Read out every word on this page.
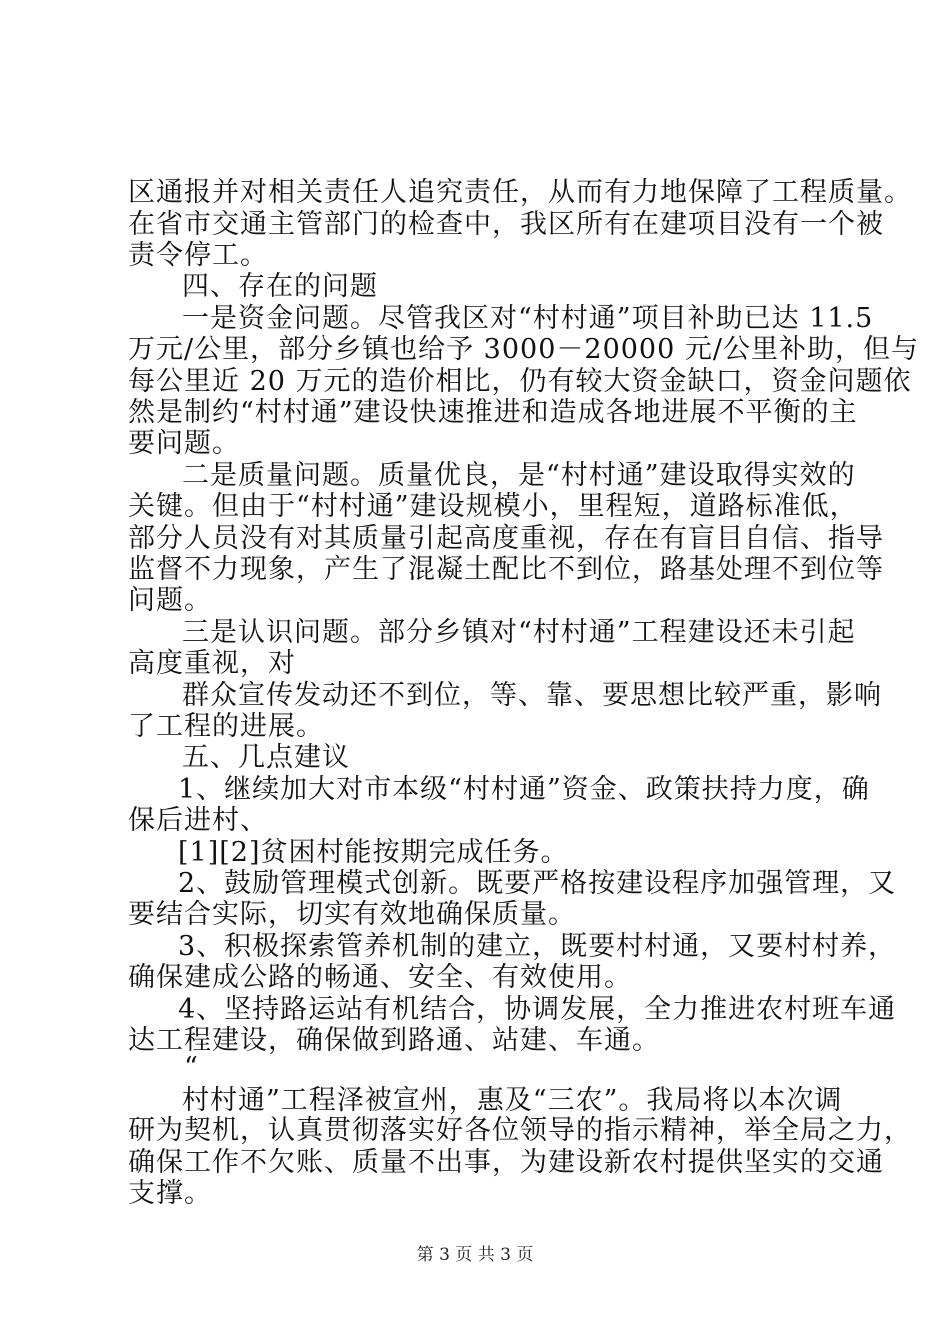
区通报并对相关责任人追究责任，从而有力地保障了工程质量。
在省市交通主管部门的检查中，我区所有在建项目没有一个被
责令停工。
四、存在的问题
一是资金问题。尽管我区对“村村通”项目补助已达 11.5
万元/公里，部分乡镇也给予 3000－20000 元/公里补助，但与
每公里近 20 万元的造价相比，仍有较大资金缺口，资金问题依
然是制约“村村通”建设快速推进和造成各地进展不平衡的主
要问题。
二是质量问题。质量优良，是“村村通”建设取得实效的
关键。但由于“村村通”建设规模小，里程短，道路标准低，
部分人员没有对其质量引起高度重视，存在有盲目自信、指导
监督不力现象，产生了混凝土配比不到位，路基处理不到位等
问题。
三是认识问题。部分乡镇对“村村通”工程建设还未引起
高度重视，对
群众宣传发动还不到位，等、靠、要思想比较严重，影响
了工程的进展。
五、几点建议
1、继续加大对市本级“村村通”资金、政策扶持力度，确
保后进村、
[1][2]贫困村能按期完成任务。
2、鼓励管理模式创新。既要严格按建设程序加强管理，又
要结合实际，切实有效地确保质量。
3、积极探索管养机制的建立，既要村村通，又要村村养，
确保建成公路的畅通、安全、有效使用。
4、坚持路运站有机结合，协调发展，全力推进农村班车通
达工程建设，确保做到路通、站建、车通。
“
村村通”工程泽被宣州，惠及“三农”。我局将以本次调
研为契机，认真贯彻落实好各位领导的指示精神，举全局之力，
确保工作不欠账、质量不出事，为建设新农村提供坚实的交通
支撑。
第 3 页 共 3 页
